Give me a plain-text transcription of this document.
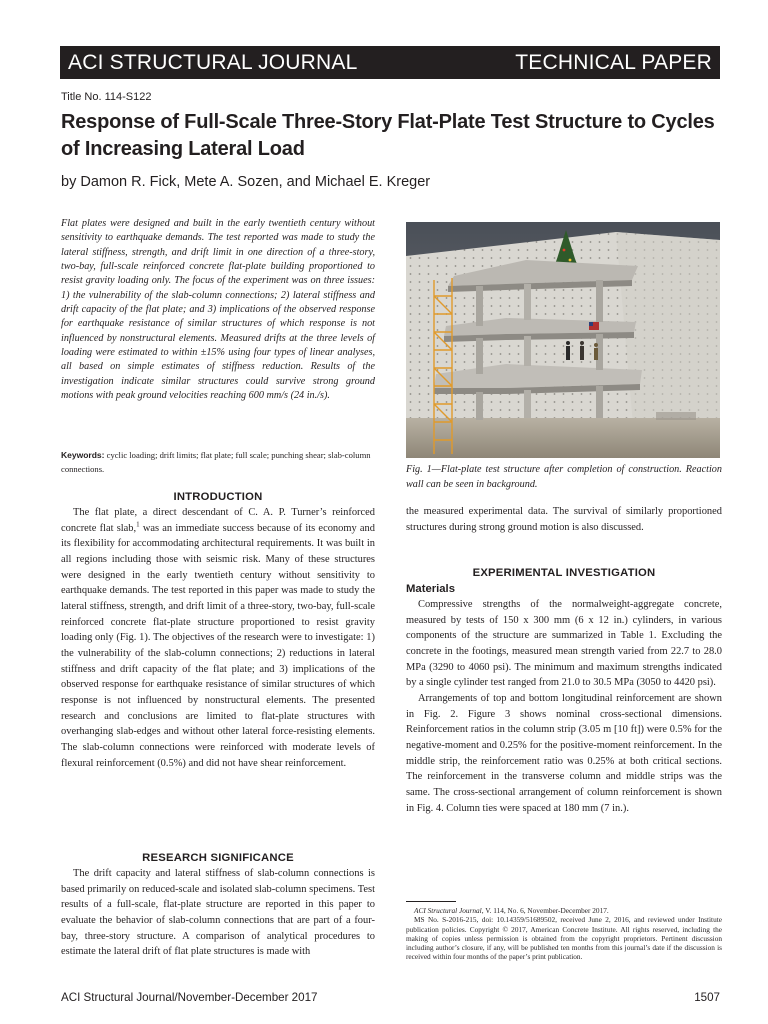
ACI STRUCTURAL JOURNAL	TECHNICAL PAPER
Title No. 114-S122
Response of Full-Scale Three-Story Flat-Plate Test Structure to Cycles of Increasing Lateral Load
by Damon R. Fick, Mete A. Sozen, and Michael E. Kreger
Flat plates were designed and built in the early twentieth century without sensitivity to earthquake demands. The test reported was made to study the lateral stiffness, strength, and drift limit in one direction of a three-story, two-bay, full-scale reinforced concrete flat-plate building proportioned to resist gravity loading only. The focus of the experiment was on three issues: 1) the vulnerability of the slab-column connections; 2) lateral stiffness and drift capacity of the flat plate; and 3) implications of the observed response for earthquake resistance of similar structures of which response is not influenced by nonstructural elements. Measured drifts at the three levels of loading were estimated to within ±15% using four types of linear analyses, all based on simple estimates of stiffness reduction. Results of the investigation indicate similar structures could survive strong ground motions with peak ground velocities reaching 600 mm/s (24 in./s).
Keywords: cyclic loading; drift limits; flat plate; full scale; punching shear; slab-column connections.
INTRODUCTION

The flat plate, a direct descendant of C. A. P. Turner’s reinforced concrete flat slab,$^1$ was an immediate success because of its economy and its flexibility for accommodating architectural requirements. It was built in all regions including those with seismic risk. Many of these structures were designed in the early twentieth century without sensitivity to earthquake demands. The test reported in this paper was made to study the lateral stiffness, strength, and drift limit of a three-story, two-bay, full-scale reinforced concrete flat-plate structure proportioned to resist gravity loading only (Fig. 1). The objectives of the research were to investigate: 1) the vulnerability of the slab-column connections; 2) reductions in lateral stiffness and drift capacity of the flat plate; and 3) implications of the observed response for earthquake resistance of similar structures of which response is not influenced by nonstructural elements. The presented research and conclusions are limited to flat-plate structures with overhanging slab-edges and without other lateral force-resisting elements. The slab-column connections were reinforced with moderate levels of flexural reinforcement (0.5%) and did not have shear reinforcement.

RESEARCH SIGNIFICANCE

The drift capacity and lateral stiffness of slab-column connections is based primarily on reduced-scale and isolated slab-column specimens. Test results of a full-scale, flat-plate structure are reported in this paper to evaluate the behavior of slab-column connections that are part of a four-bay, three-story structure. A comparison of analytical procedures to estimate the lateral drift of flat plate structures is made with

Fig. 1—Flat-plate test structure after completion of construction. Reaction wall can be seen in background.

the measured experimental data. The survival of similarly proportioned structures during strong ground motion is also discussed.

EXPERIMENTAL INVESTIGATION
Materials

Compressive strengths of the normalweight-aggregate concrete, measured by tests of 150 x 300 mm (6 x 12 in.) cylinders, in various components of the structure are summarized in Table 1. Excluding the concrete in the footings, measured mean strength varied from 22.7 to 28.0 MPa (3290 to 4060 psi). The minimum and maximum strengths indicated by a single cylinder test ranged from 21.0 to 30.5 MPa (3050 to 4420 psi).

Arrangements of top and bottom longitudinal reinforcement are shown in Fig. 2. Figure 3 shows nominal cross-sectional dimensions. Reinforcement ratios in the column strip (3.05 m [10 ft]) were 0.5% for the negative-moment and 0.25% for the positive-moment reinforcement. In the middle strip, the reinforcement ratio was 0.25% at both critical sections. The reinforcement in the transverse column and middle strips was the same. The cross-sectional arrangement of column reinforcement is shown in Fig. 4. Column ties were spaced at 180 mm (7 in.).

ACI Structural Journal, V. 114, No. 6, November-December 2017.

MS No. S-2016-215, doi: 10.14359/51689502, received June 2, 2016, and reviewed under Institute publication policies. Copyright © 2017, American Concrete Institute. All rights reserved, including the making of copies unless permission is obtained from the copyright proprietors. Pertinent discussion including author’s closure, if any, will be published ten months from this journal’s date if the discussion is received within four months of the paper’s print publication.

ACI Structural Journal/November-December 2017	1507
